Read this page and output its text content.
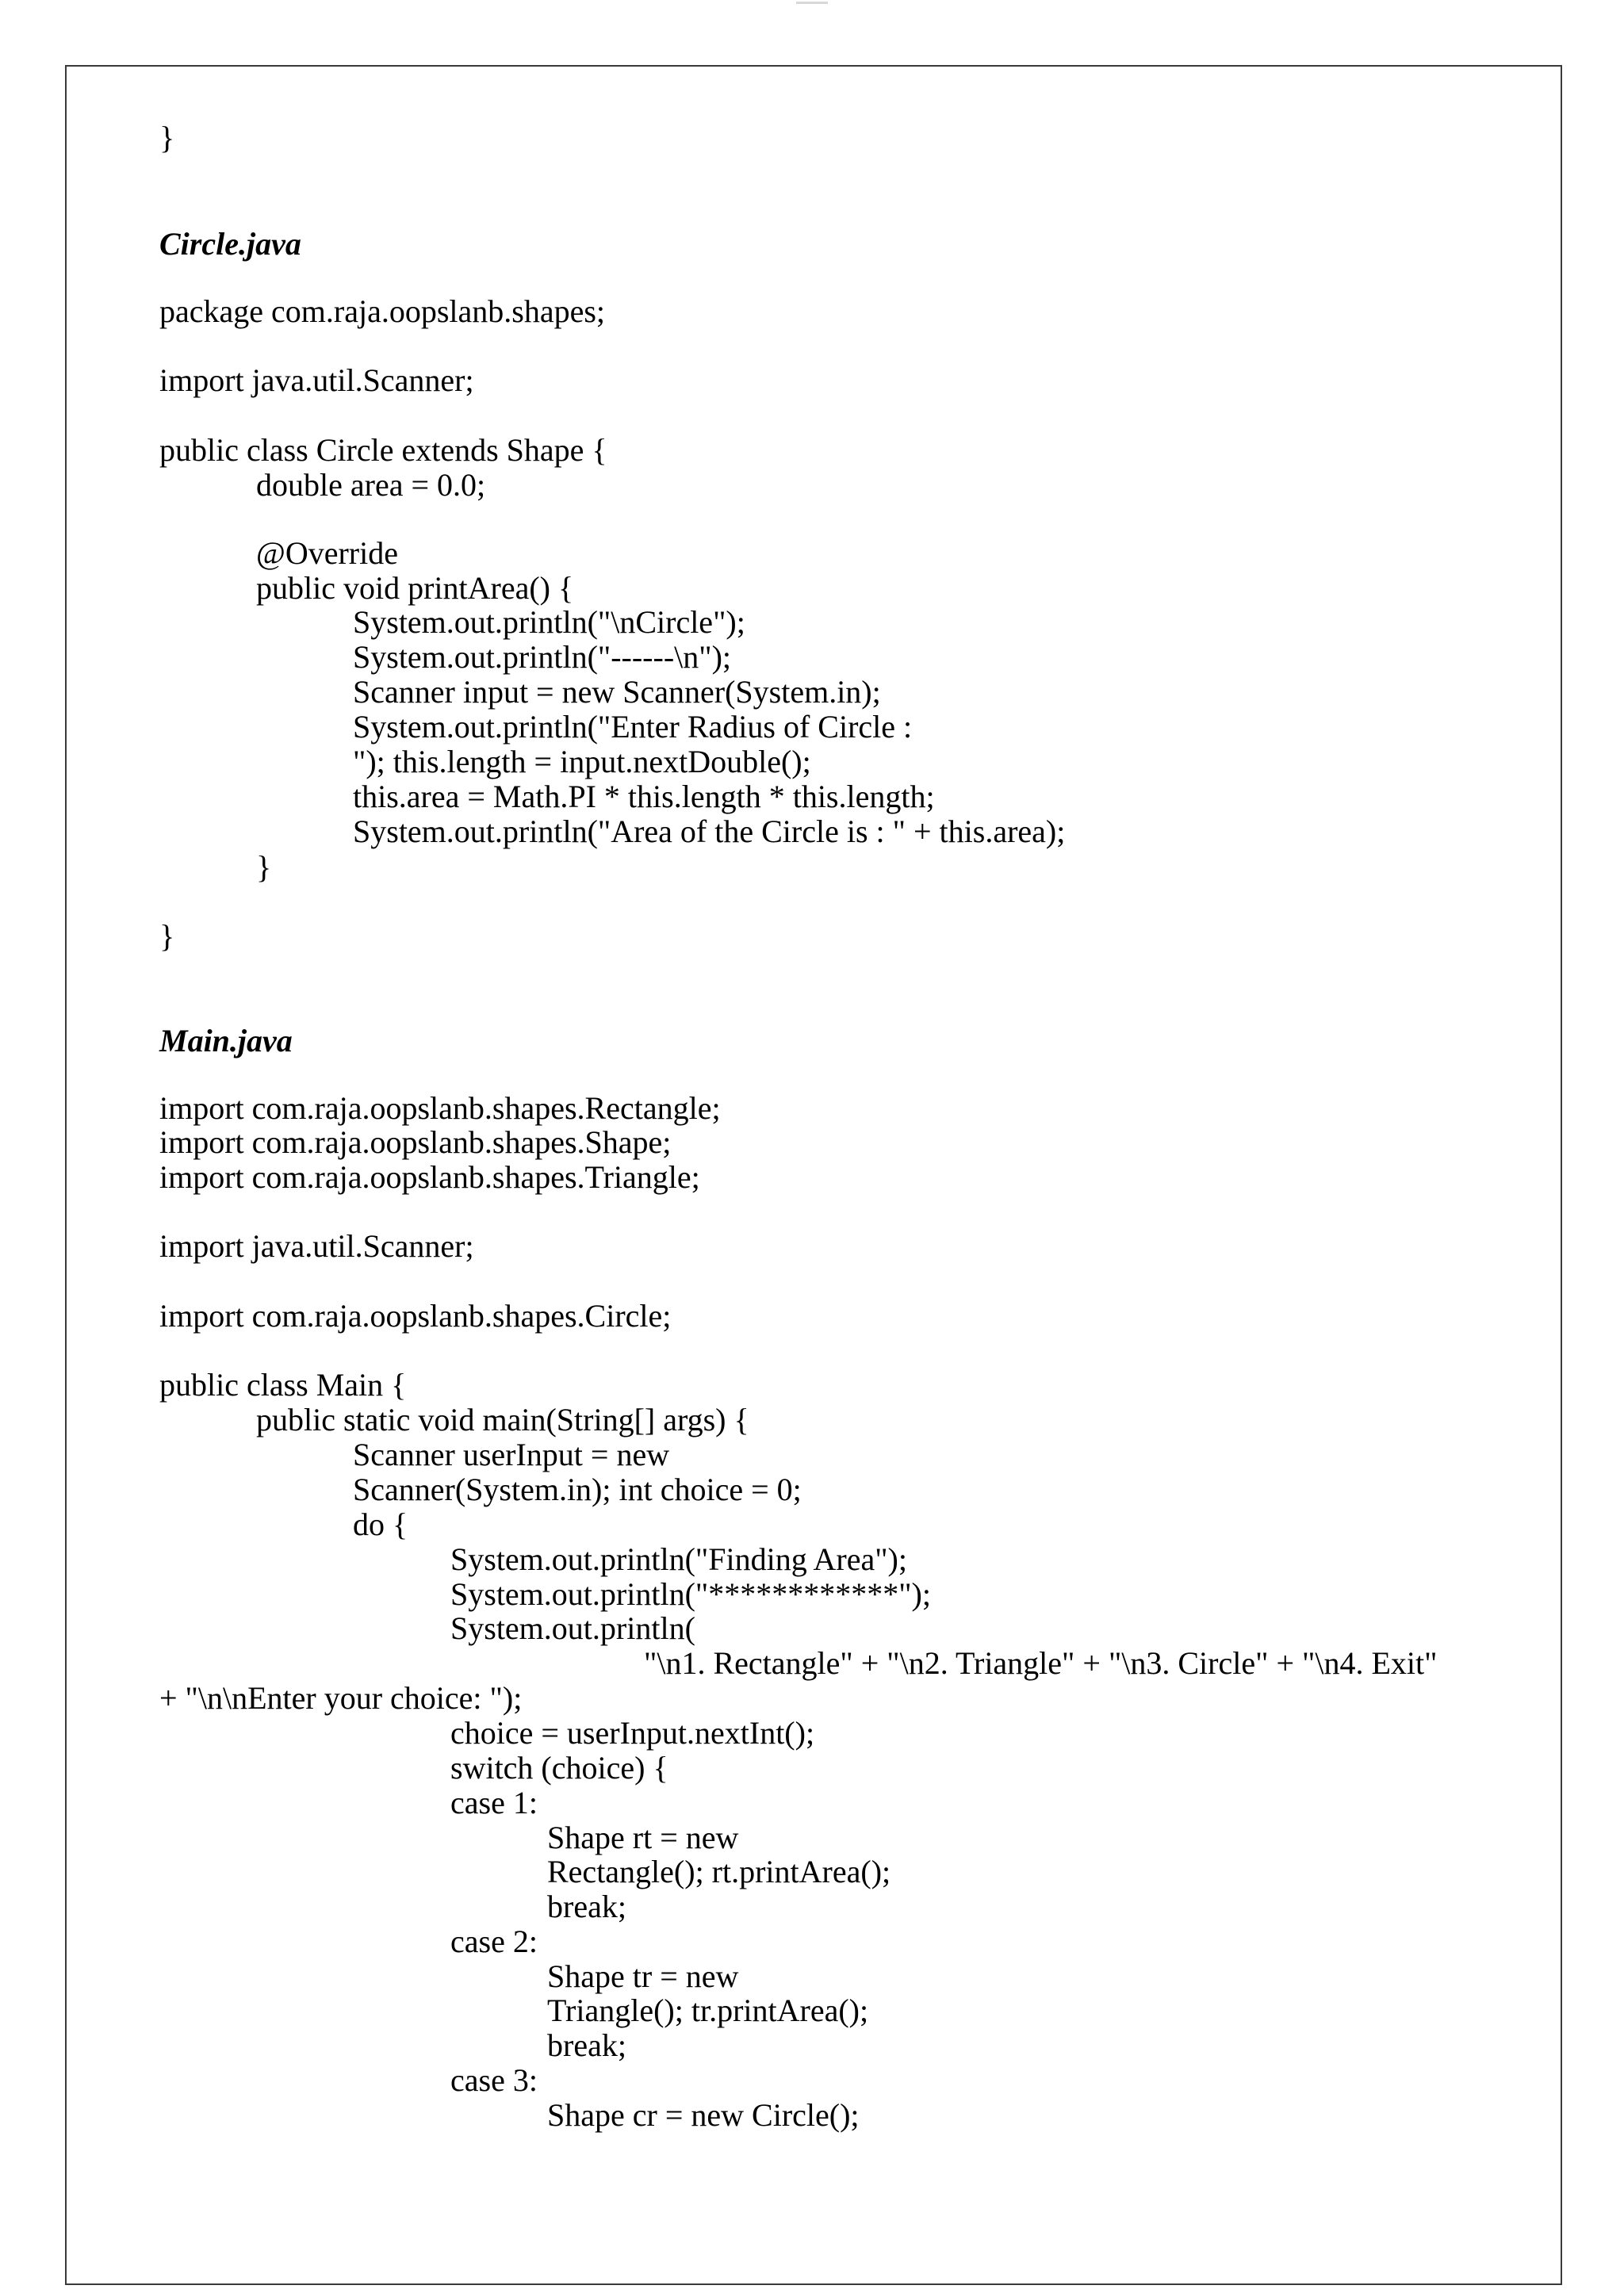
}
Circle.java
package com.raja.oopslanb.shapes;
import java.util.Scanner;
public class Circle extends Shape {
double area = 0.0;
@Override
public void printArea() {
System.out.println("\nCircle");
System.out.println("------\n");
Scanner input = new Scanner(System.in);
System.out.println("Enter Radius of Circle :
"); this.length = input.nextDouble();
this.area = Math.PI * this.length * this.length;
System.out.println("Area of the Circle is : " + this.area);
}
}
Main.java
import com.raja.oopslanb.shapes.Rectangle;
import com.raja.oopslanb.shapes.Shape;
import com.raja.oopslanb.shapes.Triangle;
import java.util.Scanner;
import com.raja.oopslanb.shapes.Circle;
public class Main {
public static void main(String[] args) {
Scanner userInput = new
Scanner(System.in); int choice = 0;
do {
System.out.println("Finding Area");
System.out.println("************");
System.out.println(
"\n1. Rectangle" + "\n2. Triangle" + "\n3. Circle" + "\n4. Exit"
+ "\n\nEnter your choice: ");
choice = userInput.nextInt();
switch (choice) {
case 1:
Shape rt = new
Rectangle(); rt.printArea();
break;
case 2:
Shape tr = new
Triangle(); tr.printArea();
break;
case 3:
Shape cr = new Circle();
